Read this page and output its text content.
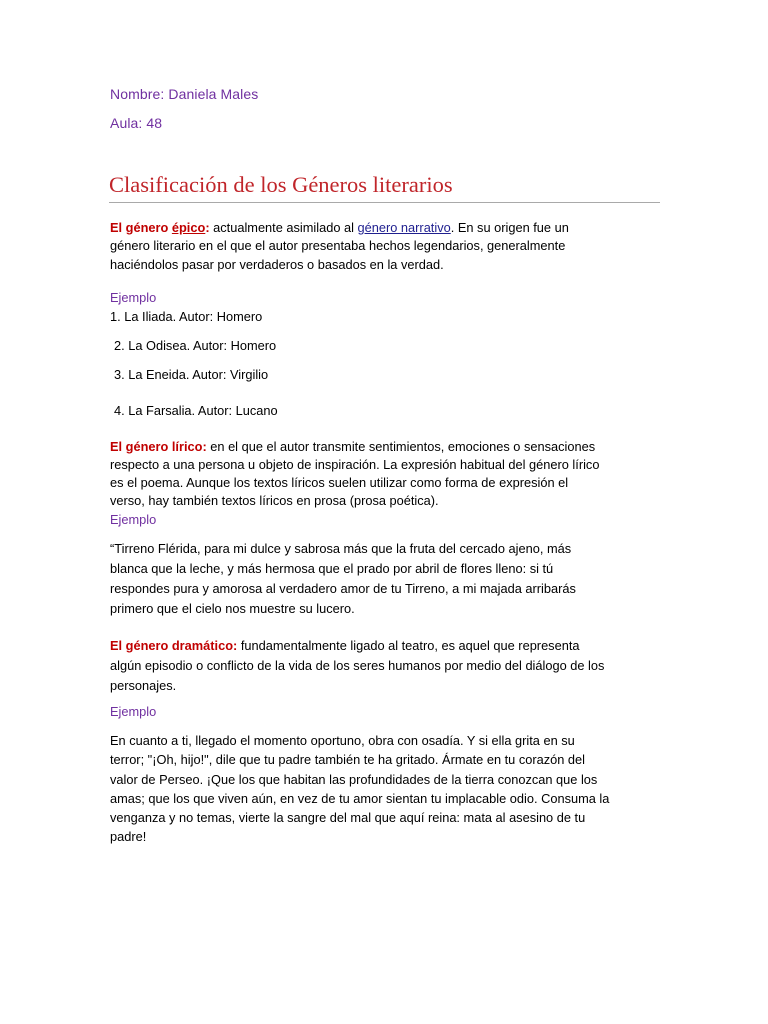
Nombre: Daniela Males
Aula: 48
Clasificación de los Géneros literarios
El género épico: actualmente asimilado al género narrativo. En su origen fue un
género literario en el que el autor presentaba hechos legendarios, generalmente
haciéndolos pasar por verdaderos o basados en la verdad.
Ejemplo
1. La Iliada. Autor: Homero
2. La Odisea. Autor: Homero
3. La Eneida. Autor: Virgilio
4. La Farsalia. Autor: Lucano
El género lírico: en el que el autor transmite sentimientos, emociones o sensaciones
respecto a una persona u objeto de inspiración. La expresión habitual del género lírico
es el poema. Aunque los textos líricos suelen utilizar como forma de expresión el
verso, hay también textos líricos en prosa (prosa poética).
Ejemplo
“Tirreno Flérida, para mi dulce y sabrosa más que la fruta del cercado ajeno, más
blanca que la leche, y más hermosa que el prado por abril de flores lleno: si tú
respondes pura y amorosa al verdadero amor de tu Tirreno, a mi majada arribarás
primero que el cielo nos muestre su lucero.
El género dramático: fundamentalmente ligado al teatro, es aquel que representa
algún episodio o conflicto de la vida de los seres humanos por medio del diálogo de los
personajes.
Ejemplo
En cuanto a ti, llegado el momento oportuno, obra con osadía. Y si ella grita en su
terror; "¡Oh, hijo!", dile que tu padre también te ha gritado. Ármate en tu corazón del
valor de Perseo. ¡Que los que habitan las profundidades de la tierra conozcan que los
amas; que los que viven aún, en vez de tu amor sientan tu implacable odio. Consuma la
venganza y no temas, vierte la sangre del mal que aquí reina: mata al asesino de tu
padre!
